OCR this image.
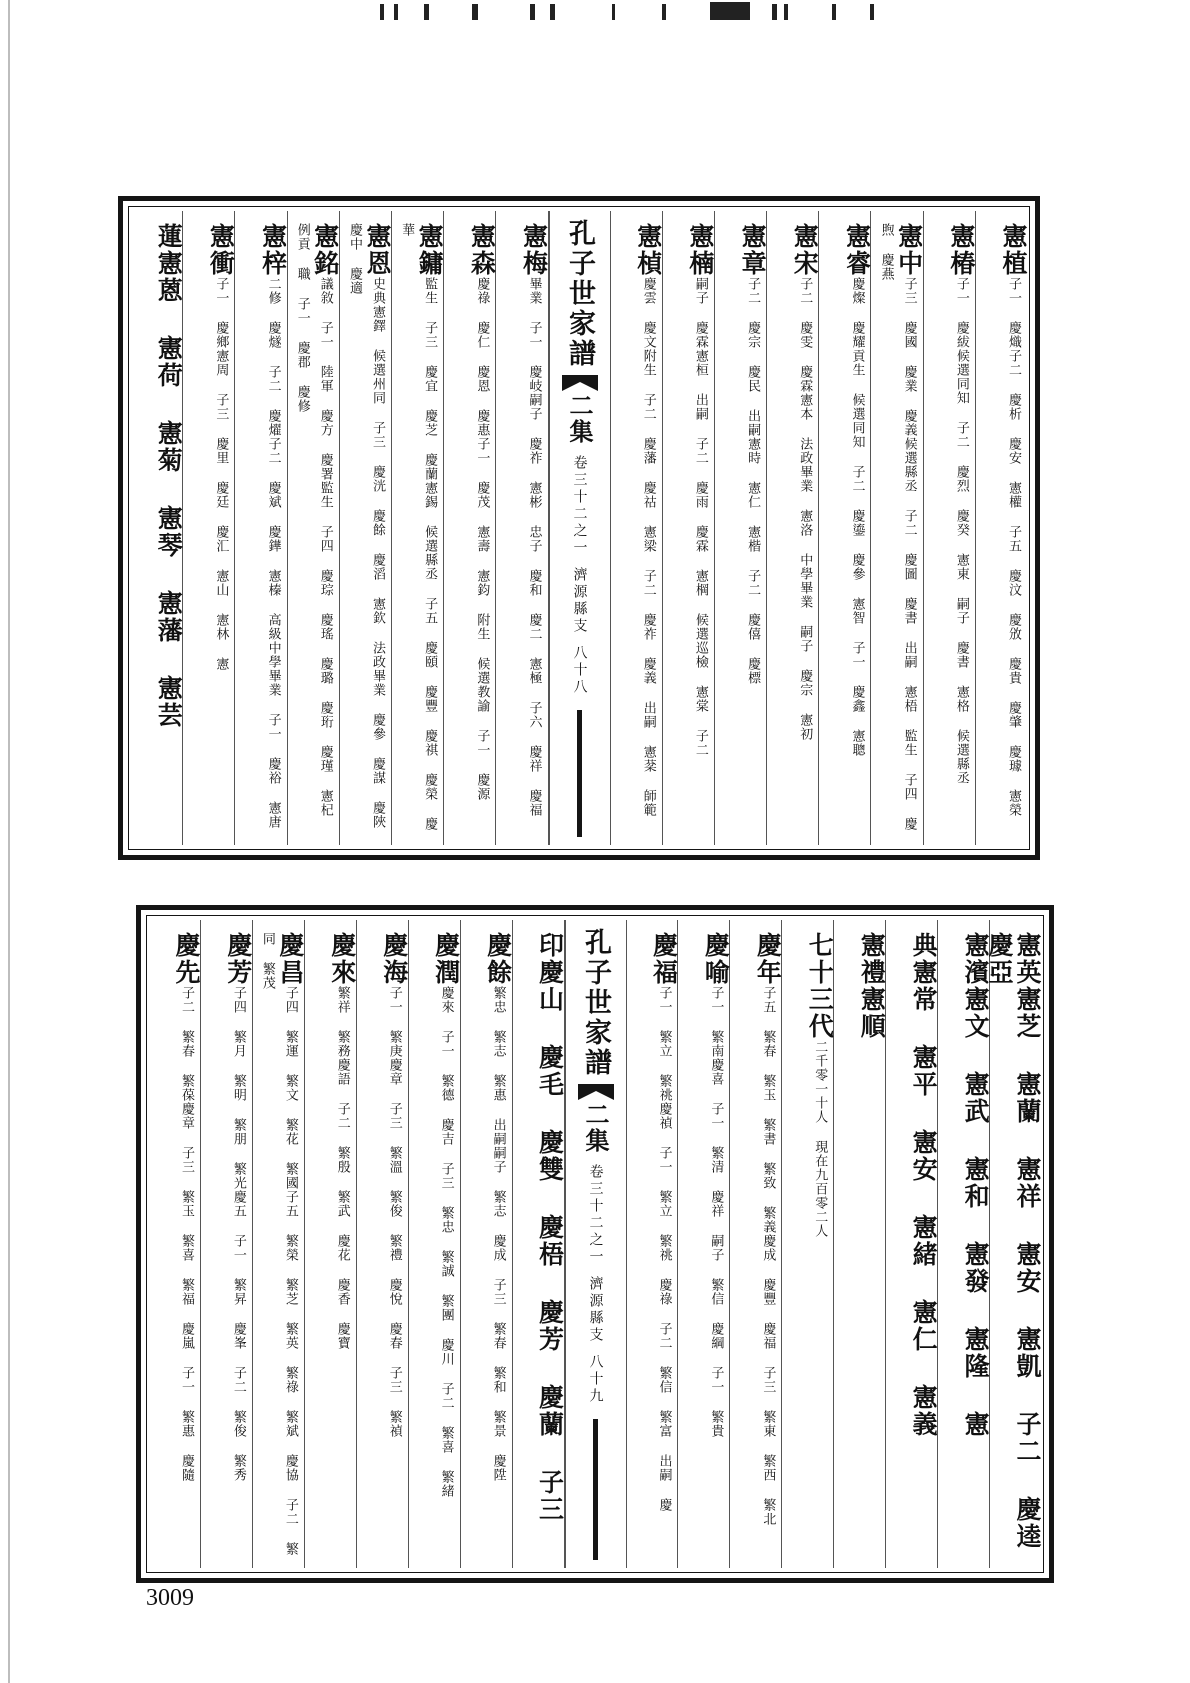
憲植子一 慶熾子二 慶析 慶安 憲權 子五 慶汶 慶攽 慶貴 慶肇 慶璩 憲榮
憲椿子一 慶紱候選同知 子二 慶烈 慶癸 憲東 嗣子 慶書 憲格 候選縣丞
憲中子三 慶國 慶業 慶義候選縣丞 子二 慶圖 慶書 出嗣 憲梧 監生 子四 慶煦 慶燕
憲睿慶燦 慶耀貢生 候選同知 子二 慶鎏 慶參 憲智 子一 慶鑫 憲聰
憲宋子二 慶雯 慶霖憲本 法政畢業 憲洛 中學畢業 嗣子 慶宗 憲初
憲章子二 慶宗 慶民 出嗣憲時 憲仁 憲楷 子二 慶僖 慶標
憲楠嗣子 慶霖憲桓 出嗣 子二 慶雨 慶霖 憲棡 候選巡檢 憲棠 子二
憲楨慶雲 慶文附生 子二 慶藩 慶祜 憲梁 子二 慶祚 慶義 出嗣 憲棻 師範
孔子世家譜
二集
卷三十二之一
濟源縣支
八十八
憲梅畢業 子一 慶岐嗣子 慶祚 憲彬 忠子 慶和 慶二 憲極 子六 慶祥 慶福
憲森慶祿 慶仁 慶恩 慶惠子一 慶茂 憲壽 憲鈞 附生 候選教諭 子一 慶源
憲鏞監生 子三 慶宜 慶芝 慶蘭憲錫 候選縣丞 子五 慶頤 慶豐 慶祺 慶榮 慶華
憲恩史典憲鐸 候選州同 子三 慶洸 慶餘 慶滔 憲欽 法政畢業 慶參 慶謀 慶陜 慶中 慶適
憲銘議敘 子一 陸軍 慶方 慶署監生 子四 慶琮 慶瑤 慶璐 慶珩 慶瑾 憲杞 例貢 職 子一 慶郡 慶修
憲梓二修 慶燧 子二 慶燿子二 慶斌 慶鏵 憲榛 高級中學畢業 子一 慶裕 憲唐
憲衝子一 慶鄉憲周 子三 慶里 慶廷 慶汇 憲山 憲林 憲
蓮憲蒽 憲荷 憲菊 憲琴 憲藩 憲芸
憲英憲芝 憲蘭 憲祥 憲安 憲凱 子二 慶逵 慶亞
憲濱憲文 憲武 憲和 憲發 憲隆 憲
典憲常 憲平 憲安 憲緒 憲仁 憲義
憲禮憲順
七十三代二千零一十人 現在九百零二人
慶年子五 繁春 繁玉 繁書 繁致 繁義慶成 慶豐 慶福 子三 繁東 繁西 繁北
慶喻子一 繁南慶喜 子一 繁清 慶祥 嗣子 繁信 慶綱 子一 繁貴
慶福子一 繁立 繁祧慶禎 子一 繁立 繁祧 慶祿 子二 繁信 繁富 出嗣 慶
孔子世家譜
二集
卷三十二之一
濟源縣支
八十九
印慶山 慶毛 慶雙 慶梧 慶芳 慶蘭 子三
慶餘繁忠 繁志 繁惠 出嗣嗣子 繁志 慶成 子三 繁春 繁和 繁景 慶陞
慶潤慶來 子一 繁德 慶吉 子三 繁忠 繁誠 繁團 慶川 子二 繁喜 繁緒
慶海子一 繁庚慶章 子三 繁溫 繁俊 繁禮 慶悅 慶春 子三 繁禎
慶來繁祥 繁務慶語 子二 繁殷 繁武 慶花 慶香 慶寶
慶昌子四 繁運 繁文 繁花 繁國子五 繁榮 繁芝 繁英 繁祿 繁斌 慶協 子二 繁同 繁茂
慶芳子四 繁月 繁明 繁朋 繁光慶五 子一 繁昇 慶峯 子二 繁俊 繁秀
慶先子二 繁春 繁葆慶章 子三 繁玉 繁喜 繁福 慶嵐 子一 繁惠 慶隨
3009
